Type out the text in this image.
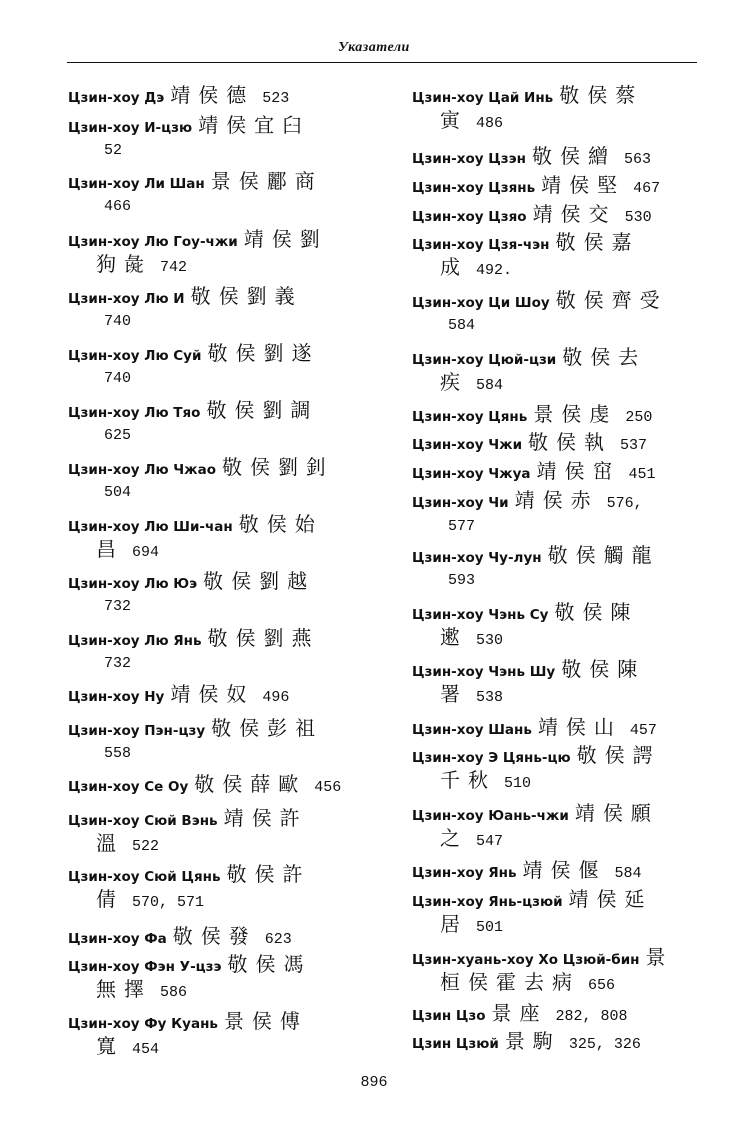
Указатели
Цзин-хоу Дэ 靖侯德 523
Цзин-хоу И-цзю 靖侯宜臼
52
Цзин-хоу Ли Шан 景侯酈商
466
Цзин-хоу Лю Гоу-чжи 靖侯劉
狗彘 742
Цзин-хоу Лю И 敬侯劉義
740
Цзин-хоу Лю Суй 敬侯劉遂
740
Цзин-хоу Лю Тяо 敬侯劉調
625
Цзин-хоу Лю Чжао 敬侯劉釗
504
Цзин-хоу Лю Ши-чан 敬侯始
昌 694
Цзин-хоу Лю Юэ 敬侯劉越
732
Цзин-хоу Лю Янь 敬侯劉燕
732
Цзин-хоу Ну 靖侯奴 496
Цзин-хоу Пэн-цзу 敬侯彭祖
558
Цзин-хоу Се Оу 敬侯薛歐 456
Цзин-хоу Сюй Вэнь 靖侯許
溫 522
Цзин-хоу Сюй Цянь 敬侯許
倩 570, 571
Цзин-хоу Фа 敬侯發 623
Цзин-хоу Фэн У-цзэ 敬侯馮
無擇 586
Цзин-хоу Фу Куань 景侯傅
寬 454
Цзин-хоу Цай Инь 敬侯蔡
寅 486
Цзин-хоу Цзэн 敬侯繒 563
Цзин-хоу Цзянь 靖侯堅 467
Цзин-хоу Цзяо 靖侯交 530
Цзин-хоу Цзя-чэн 敬侯嘉
成 492.
Цзин-хоу Ци Шоу 敬侯齊受
584
Цзин-хоу Цюй-цзи 敬侯去
疾 584
Цзин-хоу Цянь 景侯虔 250
Цзин-хоу Чжи 敬侯執 537
Цзин-хоу Чжуа 靖侯窋 451
Цзин-хоу Чи 靖侯赤 576,
577
Цзин-хоу Чу-лун 敬侯觸龍
593
Цзин-хоу Чэнь Су 敬侯陳
遬 530
Цзин-хоу Чэнь Шу 敬侯陳
署 538
Цзин-хоу Шань 靖侯山 457
Цзин-хоу Э Цянь-цю 敬侯諤
千秋 510
Цзин-хоу Юань-чжи 靖侯願
之 547
Цзин-хоу Янь 靖侯偃 584
Цзин-хоу Янь-цзюй 靖侯延
居 501
Цзин-хуань-хоу Хо Цзюй-бин 景
桓侯霍去病 656
Цзин Цзо 景座 282, 808
Цзин Цзюй 景駒 325, 326
896
